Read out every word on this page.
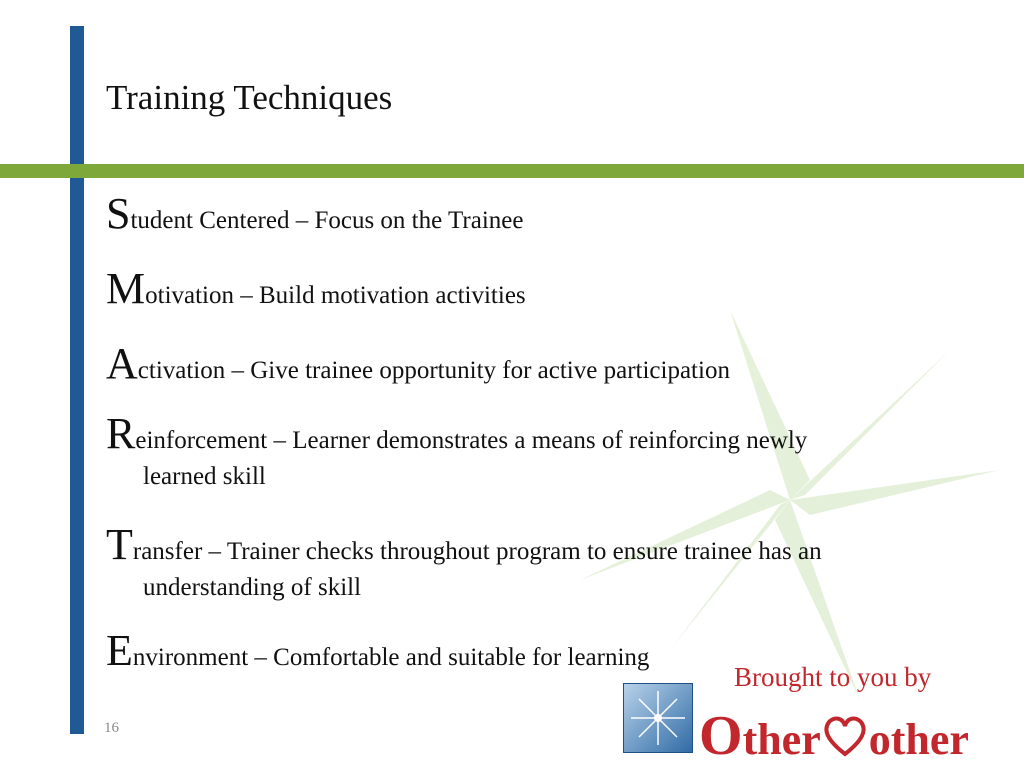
Training Techniques
Student Centered – Focus on the Trainee
Motivation – Build motivation activities
Activation – Give trainee opportunity for active participation
Reinforcement – Learner demonstrates a means of reinforcing newly
learned skill
Transfer – Trainer checks throughout program to ensure trainee has an
understanding of skill
Environment – Comfortable and suitable for learning
16
Brought to you by
Other other
